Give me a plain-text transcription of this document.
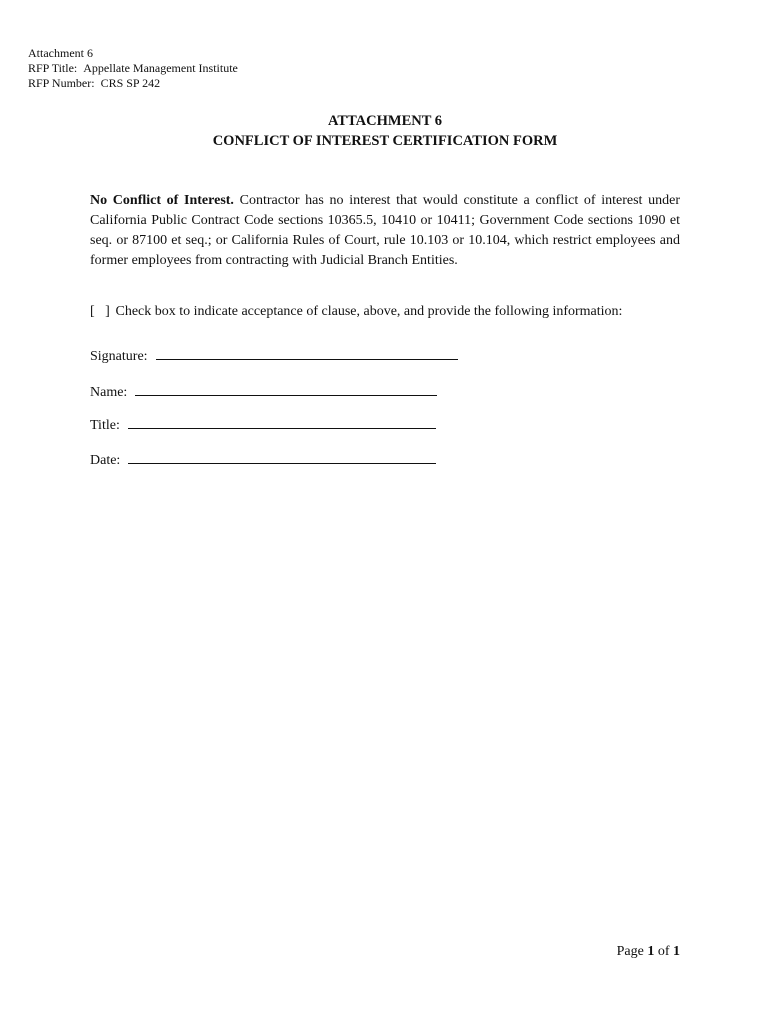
Attachment 6
RFP Title: Appellate Management Institute
RFP Number: CRS SP 242
ATTACHMENT 6
CONFLICT OF INTEREST CERTIFICATION FORM
No Conflict of Interest. Contractor has no interest that would constitute a conflict of interest under California Public Contract Code sections 10365.5, 10410 or 10411; Government Code sections 1090 et seq. or 87100 et seq.; or California Rules of Court, rule 10.103 or 10.104, which restrict employees and former employees from contracting with Judicial Branch Entities.
[ ] Check box to indicate acceptance of clause, above, and provide the following information:
Signature:
Name:
Title:
Date:
Page 1 of 1
